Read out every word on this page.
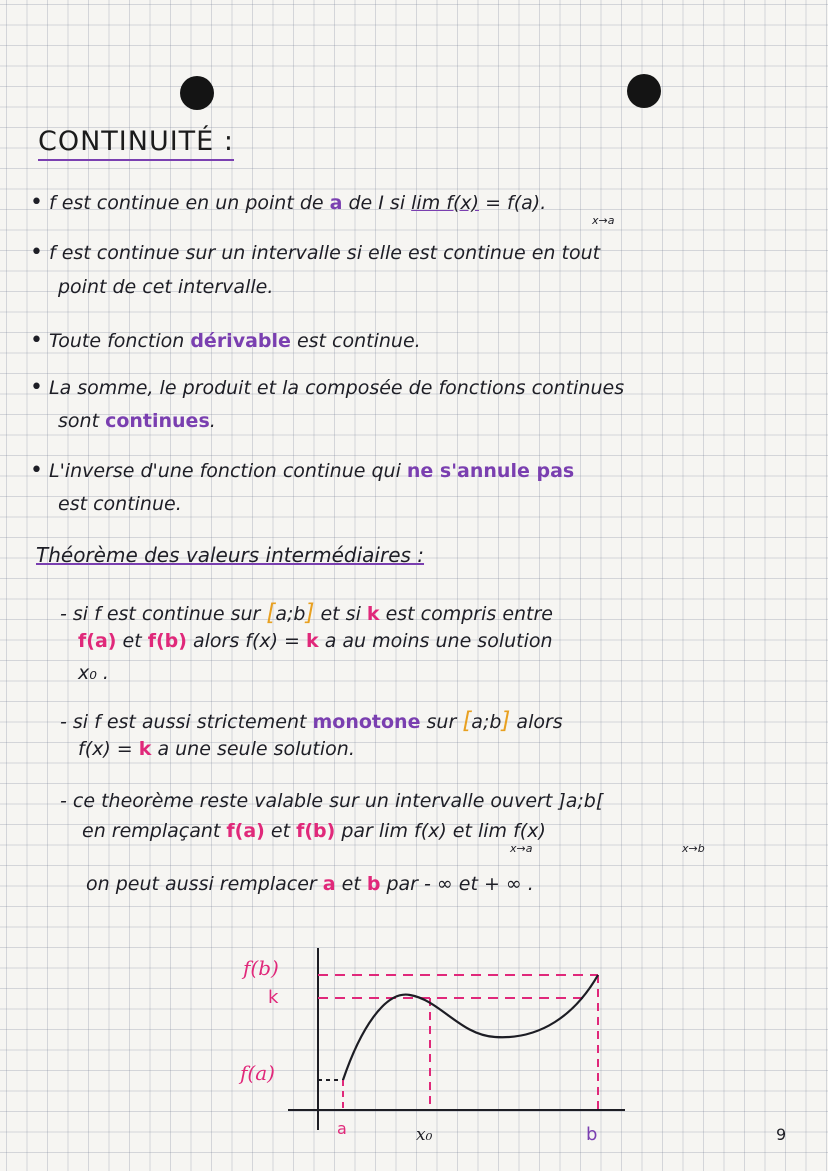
CONTINUITÉ :
• f est continue en un point de a de I si lim f(x) = f(a).
x→a
• f est continue sur un intervalle si elle est continue en tout
point de cet intervalle.
• Toute fonction dérivable est continue.
• La somme, le produit et la composée de fonctions continues
sont continues.
• L'inverse d'une fonction continue qui ne s'annule pas
est continue.
Théorème des valeurs intermédiaires :
- si f est continue sur [a;b] et si k est compris entre
f(a) et f(b) alors f(x) = k a au moins une solution
x₀ .
- si f est aussi strictement monotone sur [a;b] alors
f(x) = k a une seule solution.
- ce theorème reste valable sur un intervalle ouvert ]a;b[
en remplaçant f(a) et f(b) par lim f(x) et lim f(x)
x→a	x→b
on peut aussi remplacer a et b par - ∞ et + ∞ .
f(b)
k
f(a)
a	x₀	b	9
